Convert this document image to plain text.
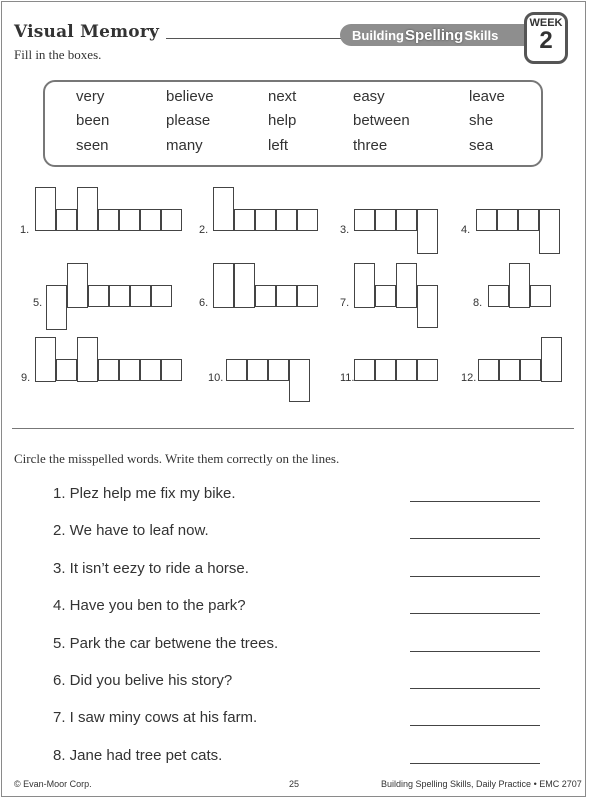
Visual Memory
Fill in the boxes.
Building Spelling Skills
WEEK
2
very	believe	next	easy	leave
been	please	help	between	she
seen	many	left	three	sea
1.	2.	3.	4.
5.	6.	7.	8.
9.	10.	11.	12.
Circle the misspelled words. Write them correctly on the lines.
1. Plez help me fix my bike.
2. We have to leaf now.
3. It isn’t eezy to ride a horse.
4. Have you ben to the park?
5. Park the car betwene the trees.
6. Did you belive his story?
7. I saw miny cows at his farm.
8. Jane had tree pet cats.
© Evan-Moor Corp.	25	Building Spelling Skills, Daily Practice • EMC 2707
